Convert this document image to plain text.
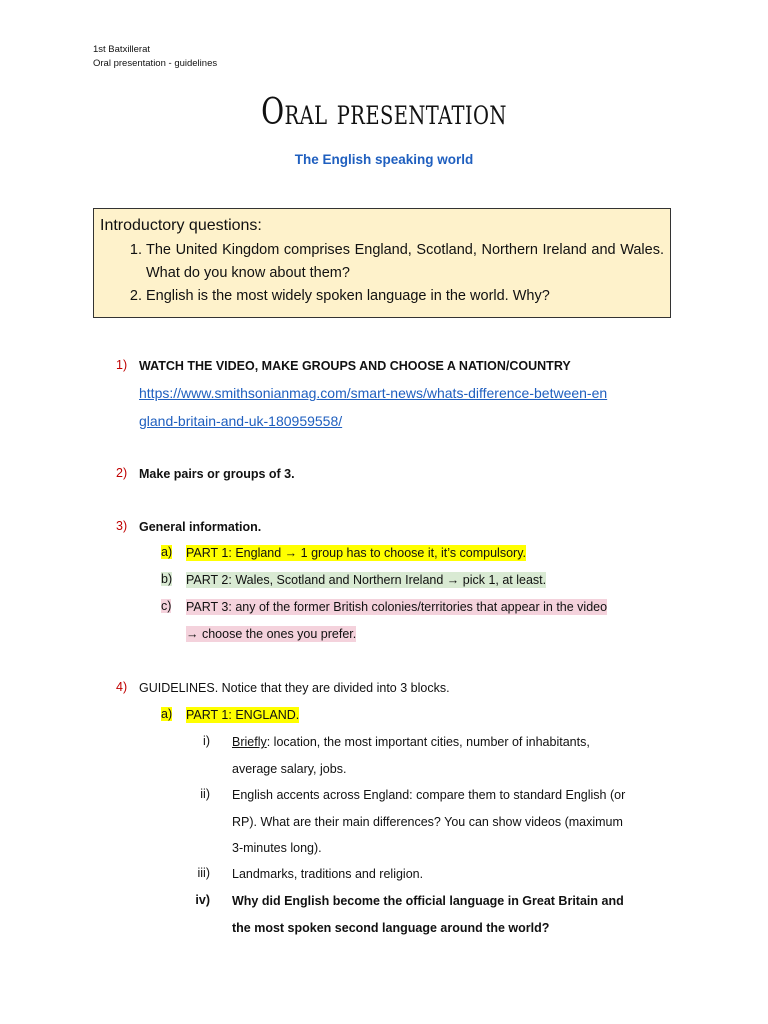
1st Batxillerat
Oral presentation - guidelines
Oral presentation
The English speaking world
Introductory questions:
1. The United Kingdom comprises England, Scotland, Northern Ireland and Wales. What do you know about them?
2. English is the most widely spoken language in the world. Why?
1) WATCH THE VIDEO, MAKE GROUPS AND CHOOSE A NATION/COUNTRY
https://www.smithsonianmag.com/smart-news/whats-difference-between-en
gland-britain-and-uk-180959558/
2) Make pairs or groups of 3.
3) General information.
a) PART 1: England → 1 group has to choose it, it’s compulsory.
b) PART 2: Wales, Scotland and Northern Ireland → pick 1, at least.
c) PART 3: any of the former British colonies/territories that appear in the video
→ choose the ones you prefer.
4) GUIDELINES. Notice that they are divided into 3 blocks.
a) PART 1: ENGLAND.
i) Briefly: location, the most important cities, number of inhabitants,
average salary, jobs.
ii) English accents across England: compare them to standard English (or
RP). What are their main differences? You can show videos (maximum
3-minutes long).
iii) Landmarks, traditions and religion.
iv) Why did English become the official language in Great Britain and
the most spoken second language around the world?
